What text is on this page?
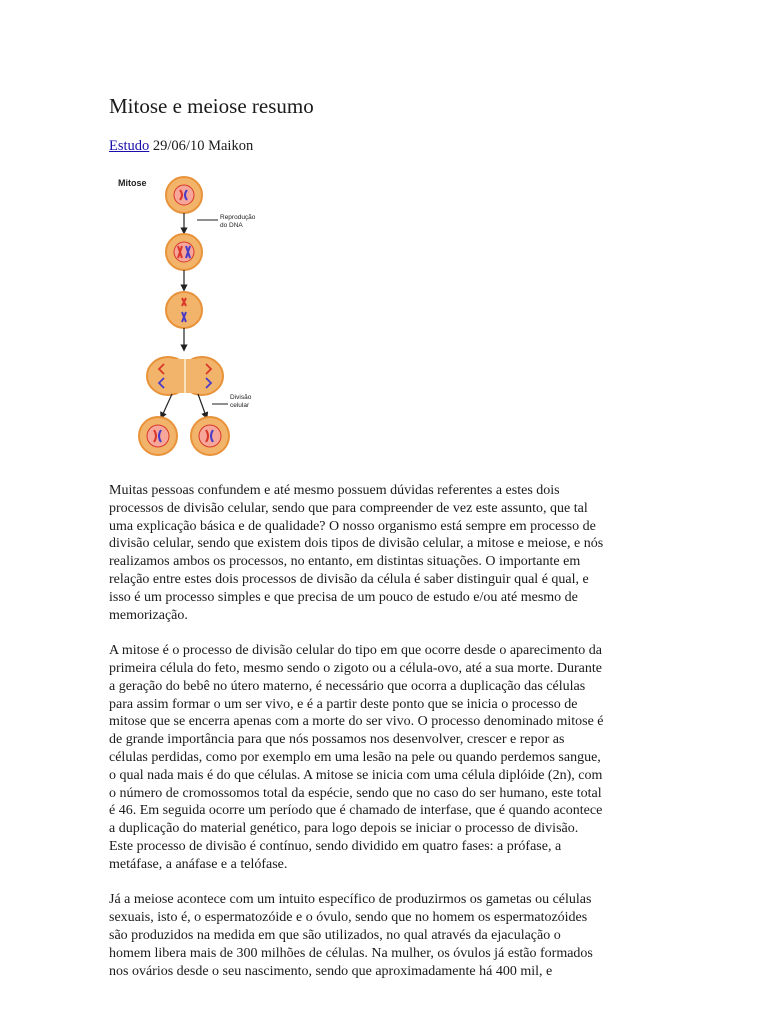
Mitose e meiose resumo
Estudo 29/06/10 Maikon
Mitose
Reprodução
do DNA
Divisão
celular

Muitas pessoas confundem e até mesmo possuem dúvidas referentes a estes dois
processos de divisão celular, sendo que para compreender de vez este assunto, que tal
uma explicação básica e de qualidade? O nosso organismo está sempre em processo de
divisão celular, sendo que existem dois tipos de divisão celular, a mitose e meiose, e nós
realizamos ambos os processos, no entanto, em distintas situações. O importante em
relação entre estes dois processos de divisão da célula é saber distinguir qual é qual, e
isso é um processo simples e que precisa de um pouco de estudo e/ou até mesmo de
memorização.

A mitose é o processo de divisão celular do tipo em que ocorre desde o aparecimento da
primeira célula do feto, mesmo sendo o zigoto ou a célula-ovo, até a sua morte. Durante
a geração do bebê no útero materno, é necessário que ocorra a duplicação das células
para assim formar o um ser vivo, e é a partir deste ponto que se inicia o processo de
mitose que se encerra apenas com a morte do ser vivo. O processo denominado mitose é
de grande importância para que nós possamos nos desenvolver, crescer e repor as
células perdidas, como por exemplo em uma lesão na pele ou quando perdemos sangue,
o qual nada mais é do que células. A mitose se inicia com uma célula diplóide (2n), com
o número de cromossomos total da espécie, sendo que no caso do ser humano, este total
é 46. Em seguida ocorre um período que é chamado de interfase, que é quando acontece
a duplicação do material genético, para logo depois se iniciar o processo de divisão.
Este processo de divisão é contínuo, sendo dividido em quatro fases: a prófase, a
metáfase, a anáfase e a telófase.

Já a meiose acontece com um intuito específico de produzirmos os gametas ou células
sexuais, isto é, o espermatozóide e o óvulo, sendo que no homem os espermatozóides
são produzidos na medida em que são utilizados, no qual através da ejaculação o
homem libera mais de 300 milhões de células. Na mulher, os óvulos já estão formados
nos ovários desde o seu nascimento, sendo que aproximadamente há 400 mil, e
